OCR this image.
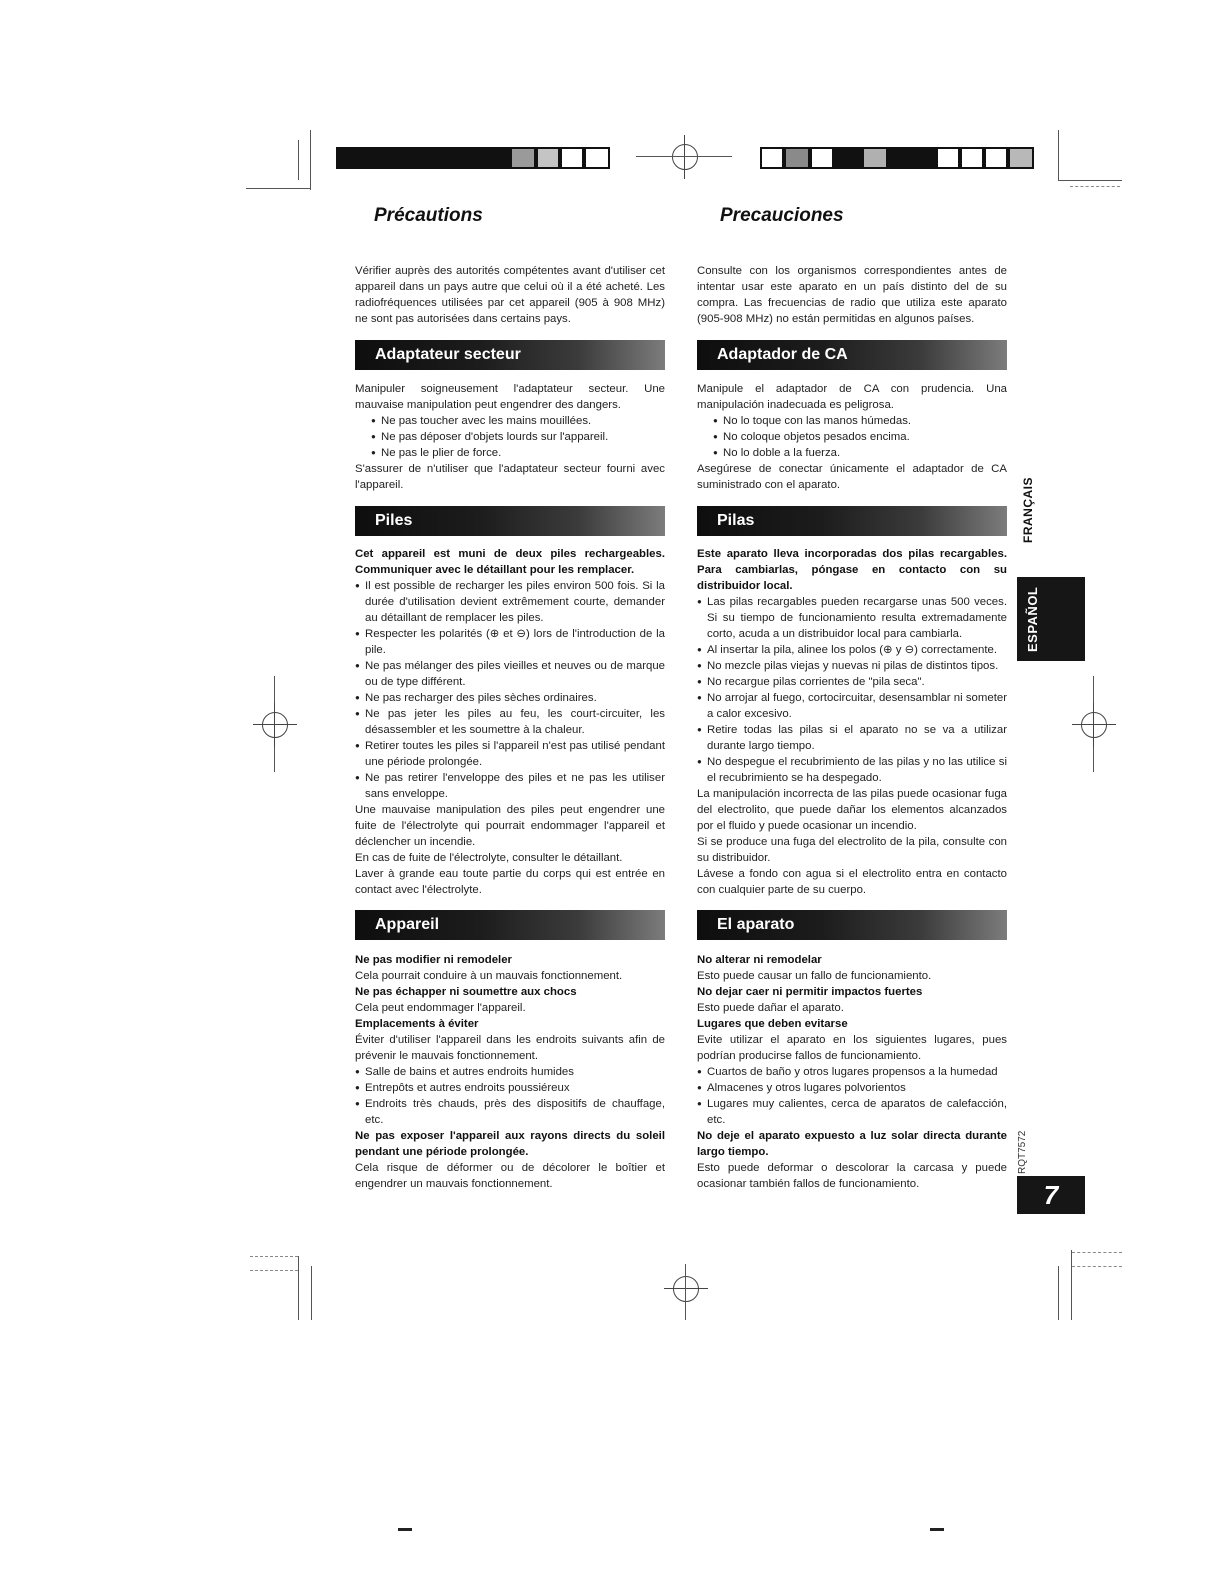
Précautions	Precauciones

Vérifier auprès des autorités compétentes avant d'utiliser cet appareil dans un pays autre que celui où il a été acheté. Les radiofréquences utilisées par cet appareil (905 à 908 MHz) ne sont pas autorisées dans certains pays.

Adaptateur secteur

Manipuler soigneusement l'adaptateur secteur. Une mauvaise manipulation peut engendrer des dangers.

● Ne pas toucher avec les mains mouillées.
● Ne pas déposer d'objets lourds sur l'appareil.
● Ne pas le plier de force.

S'assurer de n'utiliser que l'adaptateur secteur fourni avec l'appareil.

Piles

Cet appareil est muni de deux piles rechargeables. Communiquer avec le détaillant pour les remplacer.

● Il est possible de recharger les piles environ 500 fois. Si la durée d'utilisation devient extrêmement courte, demander au détaillant de remplacer les piles.
● Respecter les polarités (⊕ et ⊖) lors de l'introduction de la pile.
● Ne pas mélanger des piles vieilles et neuves ou de marque ou de type différent.
● Ne pas recharger des piles sèches ordinaires.
● Ne pas jeter les piles au feu, les court-circuiter, les désassembler et les soumettre à la chaleur.
● Retirer toutes les piles si l'appareil n'est pas utilisé pendant une période prolongée.
● Ne pas retirer l'enveloppe des piles et ne pas les utiliser sans enveloppe.

Une mauvaise manipulation des piles peut engendrer une fuite de l'électrolyte qui pourrait endommager l'appareil et déclencher un incendie.

En cas de fuite de l'électrolyte, consulter le détaillant.

Laver à grande eau toute partie du corps qui est entrée en contact avec l'électrolyte.

Appareil

Ne pas modifier ni remodeler

Cela pourrait conduire à un mauvais fonctionnement.

Ne pas échapper ni soumettre aux chocs

Cela peut endommager l'appareil.

Emplacements à éviter

Éviter d'utiliser l'appareil dans les endroits suivants afin de prévenir le mauvais fonctionnement.

● Salle de bains et autres endroits humides
● Entrepôts et autres endroits poussiéreux
● Endroits très chauds, près des dispositifs de chauffage, etc.

Ne pas exposer l'appareil aux rayons directs du soleil pendant une période prolongée.

Cela risque de déformer ou de décolorer le boîtier et engendrer un mauvais fonctionnement.

Consulte con los organismos correspondientes antes de intentar usar este aparato en un país distinto del de su compra. Las frecuencias de radio que utiliza este aparato (905-908 MHz) no están permitidas en algunos países.

Adaptador de CA

Manipule el adaptador de CA con prudencia. Una manipulación inadecuada es peligrosa.

● No lo toque con las manos húmedas.
● No coloque objetos pesados encima.
● No lo doble a la fuerza.

Asegúrese de conectar únicamente el adaptador de CA suministrado con el aparato.

Pilas

Este aparato lleva incorporadas dos pilas recargables. Para cambiarlas, póngase en contacto con su distribuidor local.

● Las pilas recargables pueden recargarse unas 500 veces. Si su tiempo de funcionamiento resulta extremadamente corto, acuda a un distribuidor local para cambiarla.
● Al insertar la pila, alinee los polos (⊕ y ⊖) correctamente.
● No mezcle pilas viejas y nuevas ni pilas de distintos tipos.
● No recargue pilas corrientes de "pila seca".
● No arrojar al fuego, cortocircuitar, desensamblar ni someter a calor excesivo.
● Retire todas las pilas si el aparato no se va a utilizar durante largo tiempo.
● No despegue el recubrimiento de las pilas y no las utilice si el recubrimiento se ha despegado.

La manipulación incorrecta de las pilas puede ocasionar fuga del electrolito, que puede dañar los elementos alcanzados por el fluido y puede ocasionar un incendio.

Si se produce una fuga del electrolito de la pila, consulte con su distribuidor.

Lávese a fondo con agua si el electrolito entra en contacto con cualquier parte de su cuerpo.

El aparato

No alterar ni remodelar

Esto puede causar un fallo de funcionamiento.

No dejar caer ni permitir impactos fuertes

Esto puede dañar el aparato.

Lugares que deben evitarse

Evite utilizar el aparato en los siguientes lugares, pues podrían producirse fallos de funcionamiento.

● Cuartos de baño y otros lugares propensos a la humedad
● Almacenes y otros lugares polvorientos
● Lugares muy calientes, cerca de aparatos de calefacción, etc.

No deje el aparato expuesto a luz solar directa durante largo tiempo.

Esto puede deformar o descolorar la carcasa y puede ocasionar también fallos de funcionamiento.

FRANÇAIS
ESPAÑOL
RQT7572
7
